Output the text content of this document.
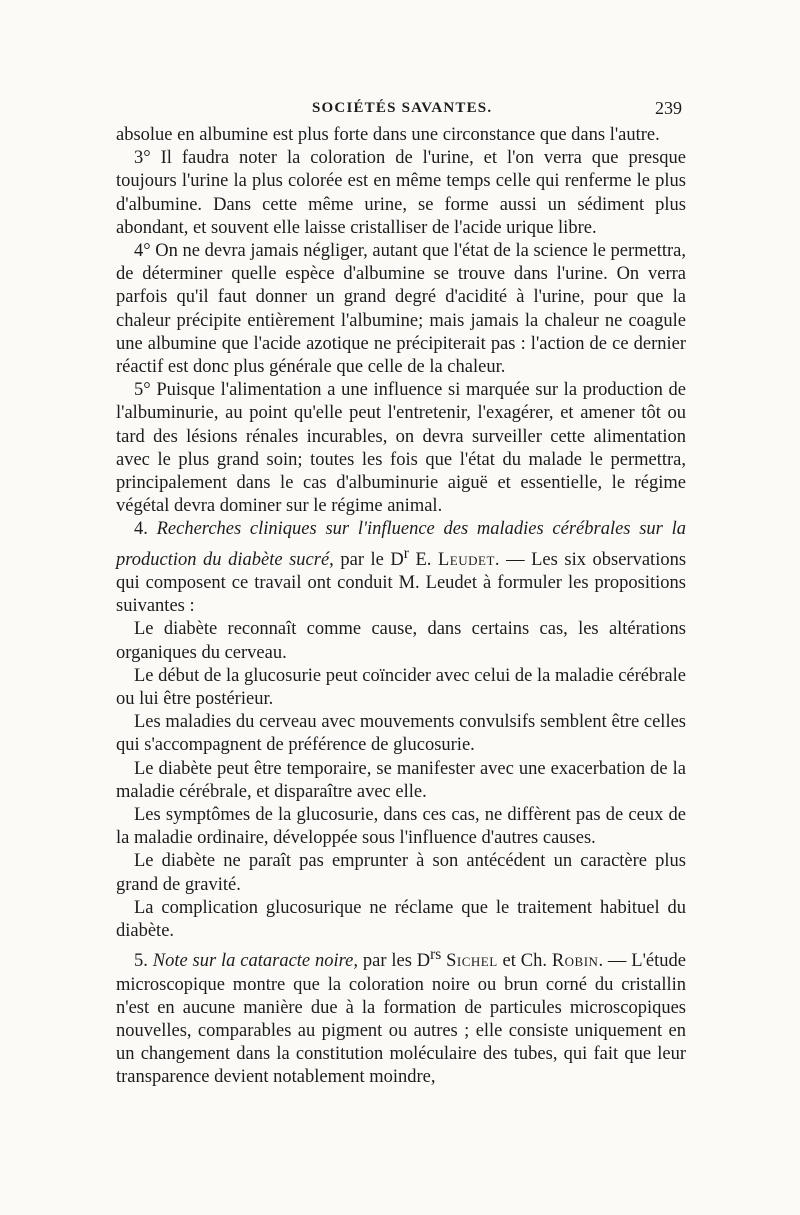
SOCIÉTÉS SAVANTES.	239

absolue en albumine est plus forte dans une circonstance que dans l'autre.

3° Il faudra noter la coloration de l'urine, et l'on verra que presque toujours l'urine la plus colorée est en même temps celle qui renferme le plus d'albumine. Dans cette même urine, se forme aussi un sédiment plus abondant, et souvent elle laisse cristalliser de l'acide urique libre.

4° On ne devra jamais négliger, autant que l'état de la science le permettra, de déterminer quelle espèce d'albumine se trouve dans l'urine. On verra parfois qu'il faut donner un grand degré d'acidité à l'urine, pour que la chaleur précipite entièrement l'albumine; mais jamais la chaleur ne coagule une albumine que l'acide azotique ne précipiterait pas : l'action de ce dernier réactif est donc plus générale que celle de la chaleur.

5° Puisque l'alimentation a une influence si marquée sur la production de l'albuminurie, au point qu'elle peut l'entretenir, l'exagérer, et amener tôt ou tard des lésions rénales incurables, on devra surveiller cette alimentation avec le plus grand soin; toutes les fois que l'état du malade le permettra, principalement dans le cas d'albuminurie aiguë et essentielle, le régime végétal devra dominer sur le régime animal.

4. Recherches cliniques sur l'influence des maladies cérébrales sur la production du diabète sucré, par le $D^r$ E. Leudet. — Les six observations qui composent ce travail ont conduit M. Leudet à formuler les propositions suivantes :

Le diabète reconnaît comme cause, dans certains cas, les altérations organiques du cerveau.

Le début de la glucosurie peut coïncider avec celui de la maladie cérébrale ou lui être postérieur.

Les maladies du cerveau avec mouvements convulsifs semblent être celles qui s'accompagnent de préférence de glucosurie.

Le diabète peut être temporaire, se manifester avec une exacerbation de la maladie cérébrale, et disparaître avec elle.

Les symptômes de la glucosurie, dans ces cas, ne diffèrent pas de ceux de la maladie ordinaire, développée sous l'influence d'autres causes.

Le diabète ne paraît pas emprunter à son antécédent un caractère plus grand de gravité.

La complication glucosurique ne réclame que le traitement habituel du diabète.

5. Note sur la cataracte noire, par les $D^{rs}$ Sichel et Ch. Robin. — L'étude microscopique montre que la coloration noire ou brun corné du cristallin n'est en aucune manière due à la formation de particules microscopiques nouvelles, comparables au pigment ou autres ; elle consiste uniquement en un changement dans la constitution moléculaire des tubes, qui fait que leur transparence devient notablement moindre,
